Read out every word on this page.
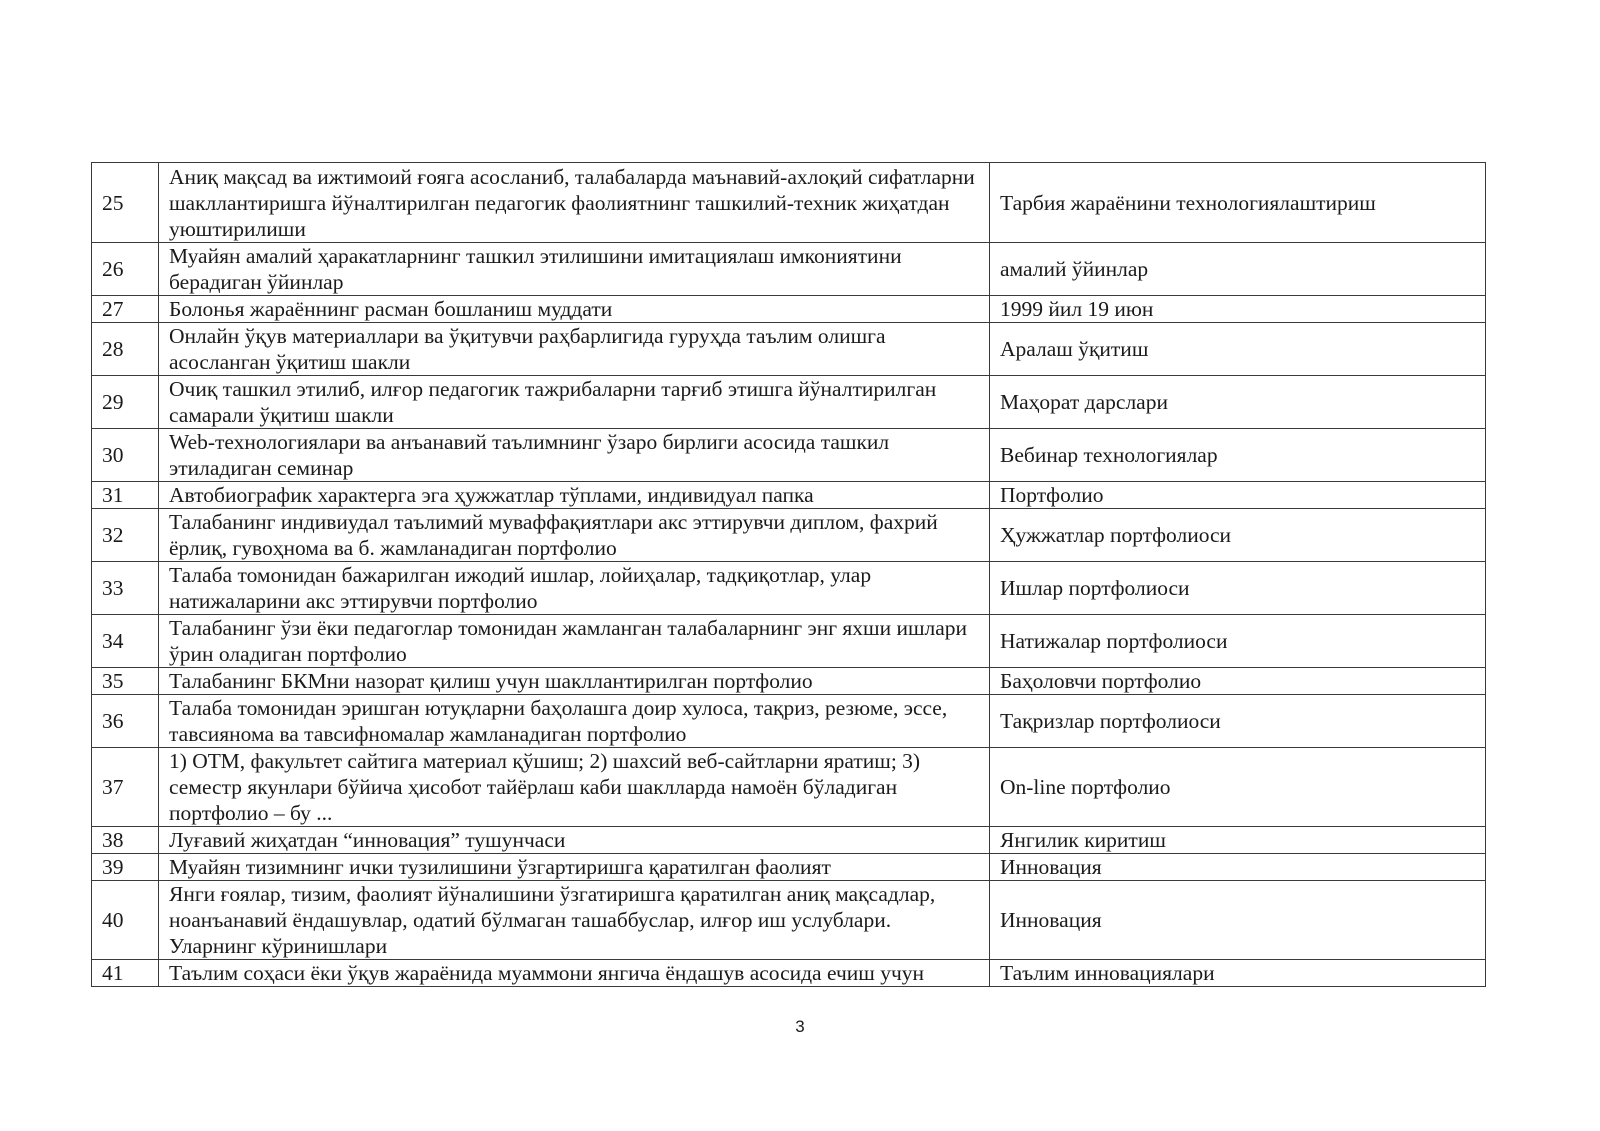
25	Аниқ мақсад ва ижтимоий ғояга асосланиб, талабаларда маънавий-ахлоқий сифатларни шакллантиришга йўналтирилган педагогик фаолиятнинг ташкилий-техник жиҳатдан уюштирилиши	Тарбия жараёнини технологиялаштириш

26	Муайян амалий ҳаракатларнинг ташкил этилишини имитациялаш имкониятини берадиган ўйинлар	амалий ўйинлар

27	Болонья жараённинг расман бошланиш муддати	1999 йил 19 июн

28	Онлайн ўқув материаллари ва ўқитувчи раҳбарлигида гуруҳда таълим олишга асосланган ўқитиш шакли	Аралаш ўқитиш

29	Очиқ ташкил этилиб, илғор педагогик тажрибаларни тарғиб этишга йўналтирилган самарали ўқитиш шакли	Маҳорат дарслари

30	Web-технологиялари ва анъанавий таълимнинг ўзаро бирлиги асосида ташкил этиладиган семинар	Вебинар технологиялар

31	Автобиографик характерга эга ҳужжатлар тўплами, индивидуал папка	Портфолио

32	Талабанинг индивиудал таълимий муваффақиятлари акс эттирувчи диплом, фахрий ёрлиқ, гувоҳнома ва б. жамланадиган портфолио	Ҳужжатлар портфолиоси

33	Талаба томонидан бажарилган ижодий ишлар, лойиҳалар, тадқиқотлар, улар натижаларини акс эттирувчи портфолио	Ишлар портфолиоси

34	Талабанинг ўзи ёки педагоглар томонидан жамланган талабаларнинг энг яхши ишлари ўрин оладиган портфолио	Натижалар портфолиоси

35	Талабанинг БКМни назорат қилиш учун шакллантирилган портфолио	Баҳоловчи портфолио

36	Талаба томонидан эришган ютуқларни баҳолашга доир хулоса, тақриз, резюме, эссе, тавсиянома ва тавсифномалар жамланадиган портфолио	Тақризлар портфолиоси

37	1) ОТМ, факультет сайтига материал қўшиш; 2) шахсий веб-сайтларни яратиш; 3) семестр якунлари бўйича ҳисобот тайёрлаш каби шаклларда намоён бўладиган портфолио – бу ...	On-line портфолио

38	Луғавий жиҳатдан “инновация” тушунчаси	Янгилик киритиш

39	Муайян тизимнинг ички тузилишини ўзгартиришга қаратилган фаолият	Инновация

40	Янги ғоялар, тизим, фаолият йўналишини ўзгатиришга қаратилган аниқ мақсадлар, ноанъанавий ёндашувлар, одатий бўлмаган ташаббуслар, илғор иш услублари. Уларнинг кўринишлари	Инновация

41	Таълим соҳаси ёки ўқув жараёнида муаммони янгича ёндашув асосида ечиш учун	Таълим инновациялари
3
